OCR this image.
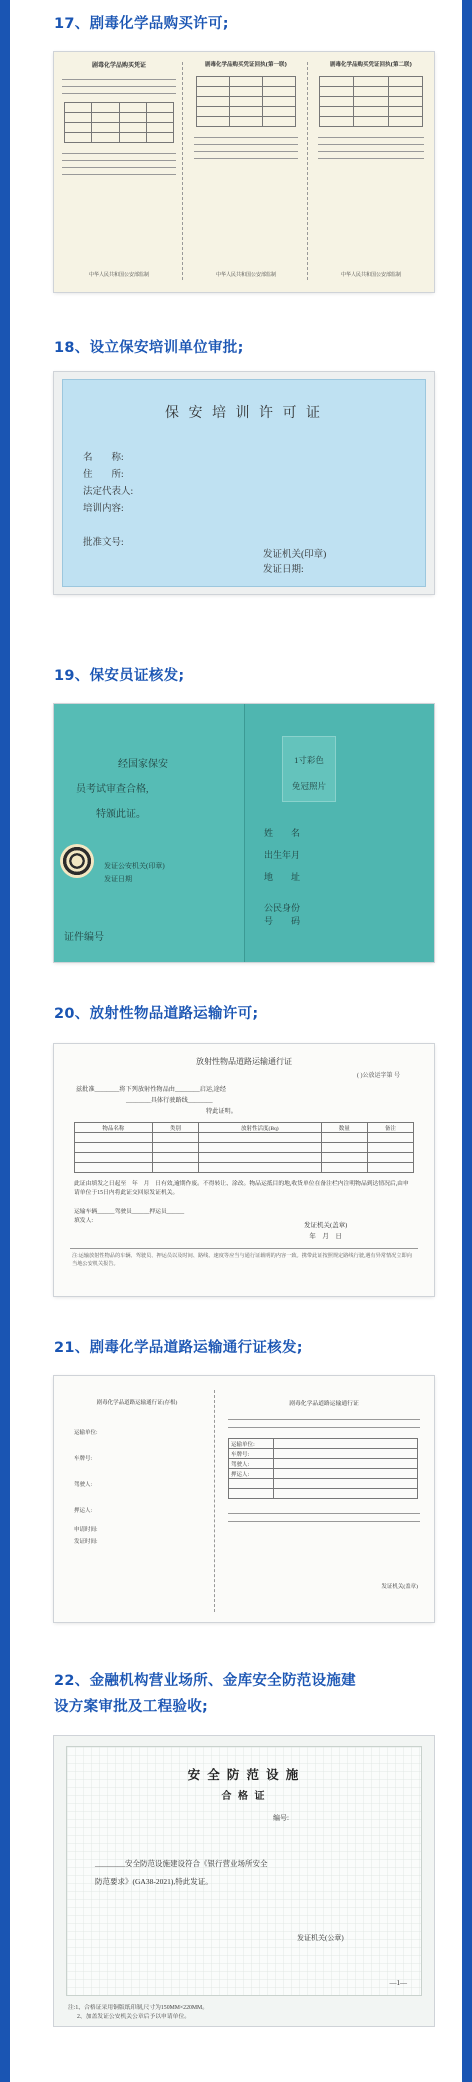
17、剧毒化学品购买许可;
剧毒化学品购买凭证

中华人民共和国公安部监制
剧毒化学品购买凭证回执(第一联)

中华人民共和国公安部监制
剧毒化学品购买凭证回执(第二联)

中华人民共和国公安部监制
18、设立保安培训单位审批;
保 安 培 训 许 可 证
名　　称:
住　　所:
法定代表人:
培训内容:
批准文号:
发证机关(印章)
发证日期:
19、保安员证核发;
经国家保安
员考试审查合格,
特颁此证。
发证公安机关(印章)
发证日期
证件编号
1寸彩色
免冠照片
姓　　名
出生年月
地　　址
公民身份
号　　码
20、放射性物品道路运输许可;
放射性物品道路运输通行证
( )公放运字第 号
兹批准________将下列放射性物品由________启运,途经
________具体行驶路线________
特此证明。
物品名称	类别	放射性活度(Bq)	数量	备注

此证由填发之日起至　年　月　日有效,逾期作废。不得转让、涂改。物品运抵目的地,收货单位在备注栏内注明物品到达情况后,由申请单位于15日内将此证交回原发证机关。
运输车辆______驾驶员______押运员______
填发人:
发证机关(盖章)
年　月　日
注:运输放射性物品的车辆、驾驶员、押运员以及时间、路线、速度等应当与通行证载明的内容一致。携带此证按照规定路线行驶,遇有异常情况立即向当地公安机关报告。
21、剧毒化学品道路运输通行证核发;
剧毒化学品道路运输通行证(存根)
运输单位:
车牌号:
驾驶人:
押运人:
申请时间:
发证时间:
剧毒化学品道路运输通行证
运输单位:	
车牌号:	
驾驶人:	
押运人:	

发证机关(盖章)
22、金融机构营业场所、金库安全防范设施建
设方案审批及工程验收;
安 全 防 范 设 施
合 格 证
编号:
________安全防范设施建设符合《银行营业场所安全
防范要求》(GA38-2021),特此发证。
发证机关(公章)
—1—
注:1、合格证采用铜版纸印制,尺寸为150MM×220MM。
2、加盖发证公安机关公章后予以申请单位。
